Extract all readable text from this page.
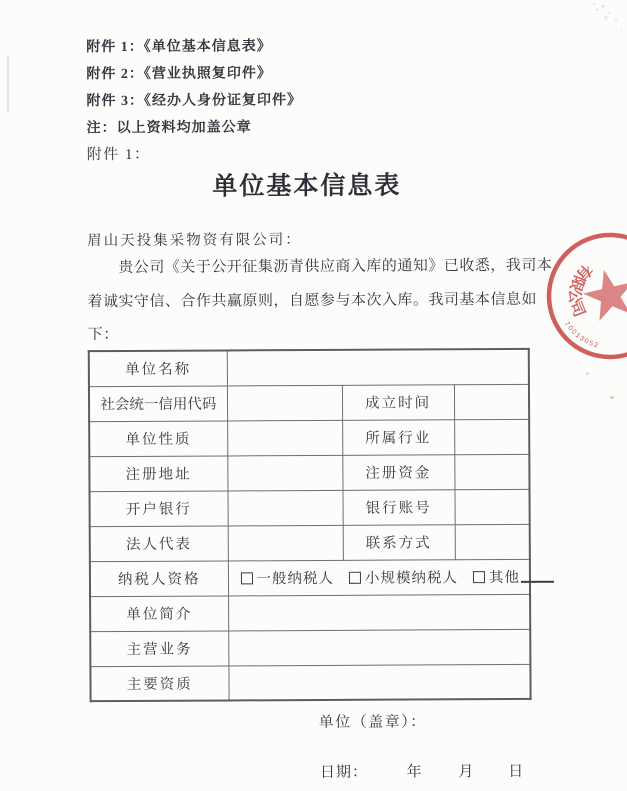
附件 1：《单位基本信息表》

附件 2：《营业执照复印件》

附件 3：《经办人身份证复印件》

注：以上资料均加盖公章

附件 1：

单位基本信息表

眉山天投集采物资有限公司：

贵公司《关于公开征集沥青供应商入库的通知》已收悉，我司本

着诚实守信、合作共赢原则，自愿参与本次入库。我司基本信息如

下：

单位名称			
社会统一信用代码		成立时间	
单位性质		所属行业	
注册地址		注册资金	
开户银行		银行账号	
法人代表		联系方式	
纳税人资格	一般纳税人 小规模纳税人 其他		

单位简介			
主营业务			
主要资质			
单位（盖章）：
日期：	年 月 日
有限公司
70013052
